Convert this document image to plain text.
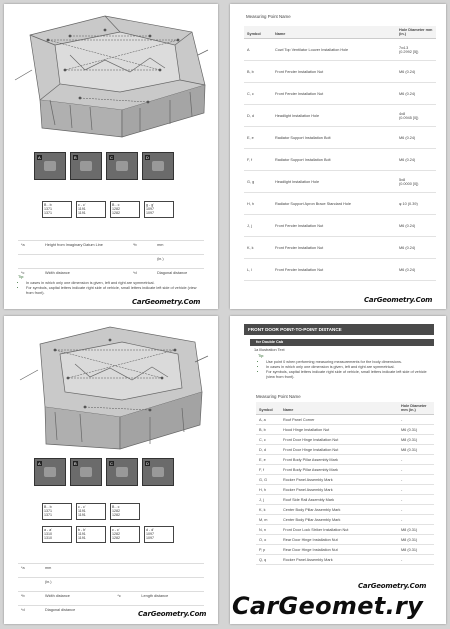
A	B	C	D
B - b
1371
1371
c - c'
1191
1191
B - c
1282
1282
g - g'
1097
1097
*a	Height from Imaginary Datum Line	*b	mm
			(in.)
*c	Width distance	*d	Diagonal distance
Tip:
• In cases in which only one dimension is given, left and right are symmetrical.
• For symbols, capital letters indicate right side of vehicle, small letters indicate left side of vehicle (view from front).
CarGeometry.Com
Measuring Point Name
Symbol	Name	Hole Diameter mm (in.)
A	Cowl Top Ventilator Louver Installation Hole	7x4.3
(0.2992 [5])

B, b	Front Fender Installation Nut	M6 (0.24)

C, c	Front Fender Installation Nut	M6 (0.24)

D, d	Headlight Installation Hole	4x8
(0.0945 [0])

E, e	Radiator Support Installation Bolt	M6 (0.24)

F, f	Radiator Support Installation Bolt	M6 (0.24)

G, g	Headlight Installation Hole	5x8
(0.0000 [0])

H, h	Radiator Support Apron Brace Standard Hole	φ 10 (0.39)

J, j	Front Fender Installation Nut	M6 (0.24)

K, k	Front Fender Installation Nut	M6 (0.24)

L, l	Front Fender Installation Nut	M6 (0.24)
CarGeometry.Com
A	B	C	D
B - b
1371
1371
c - c'
1191
1191
B - c
1282
1282
a - a'
1310
1310
b - b'
1191
1191
c - c'
1282
1282
d - d'
1097
1097
*a	mm		
	(in.)		
*b	Width distance	*c	Length distance
*d	Diagonal distance			CarGeometry.Com
FRONT DOOR POINT-TO-POINT DISTANCE
for Double Cab
1a Illustration Text
Tip:
• Use point 0 when performing measuring measurements for the body dimensions.
• In cases in which only one dimension is given, left and right are symmetrical.
• For symbols, capital letters indicate right side of vehicle, small letters indicate left side of vehicle (view from front).
Measuring Point Name
Symbol	Name	Hole Diameter mm (in.)
A, a	Roof Panel Corner	-
B, b	Hood Hinge Installation Nut	M6 (0.31)
C, c	Front Door Hinge Installation Nut	M8 (0.31)
D, d	Front Door Hinge Installation Nut	M8 (0.31)
E, e	Front Body Pillar Assembly Mark	-
F, f	Front Body Pillar Assembly Mark	-
G, G	Rocker Panel Assembly Mark	-
H, h	Rocker Panel Assembly Mark	-
J, j	Roof Side Rail Assembly Mark	-
K, k	Center Body Pillar Assembly Mark	-
M, m	Center Body Pillar Assembly Mark	-
N, n	Front Door Lock Striker Installation Nut	M8 (0.31)
O, o	Rear Door Hinge Installation Nut	M8 (0.31)
P, p	Rear Door Hinge Installation Nut	M8 (0.31)
Q, q	Rocker Panel Assembly Mark	-
CarGeometry.Com
CarGeomet.ry
